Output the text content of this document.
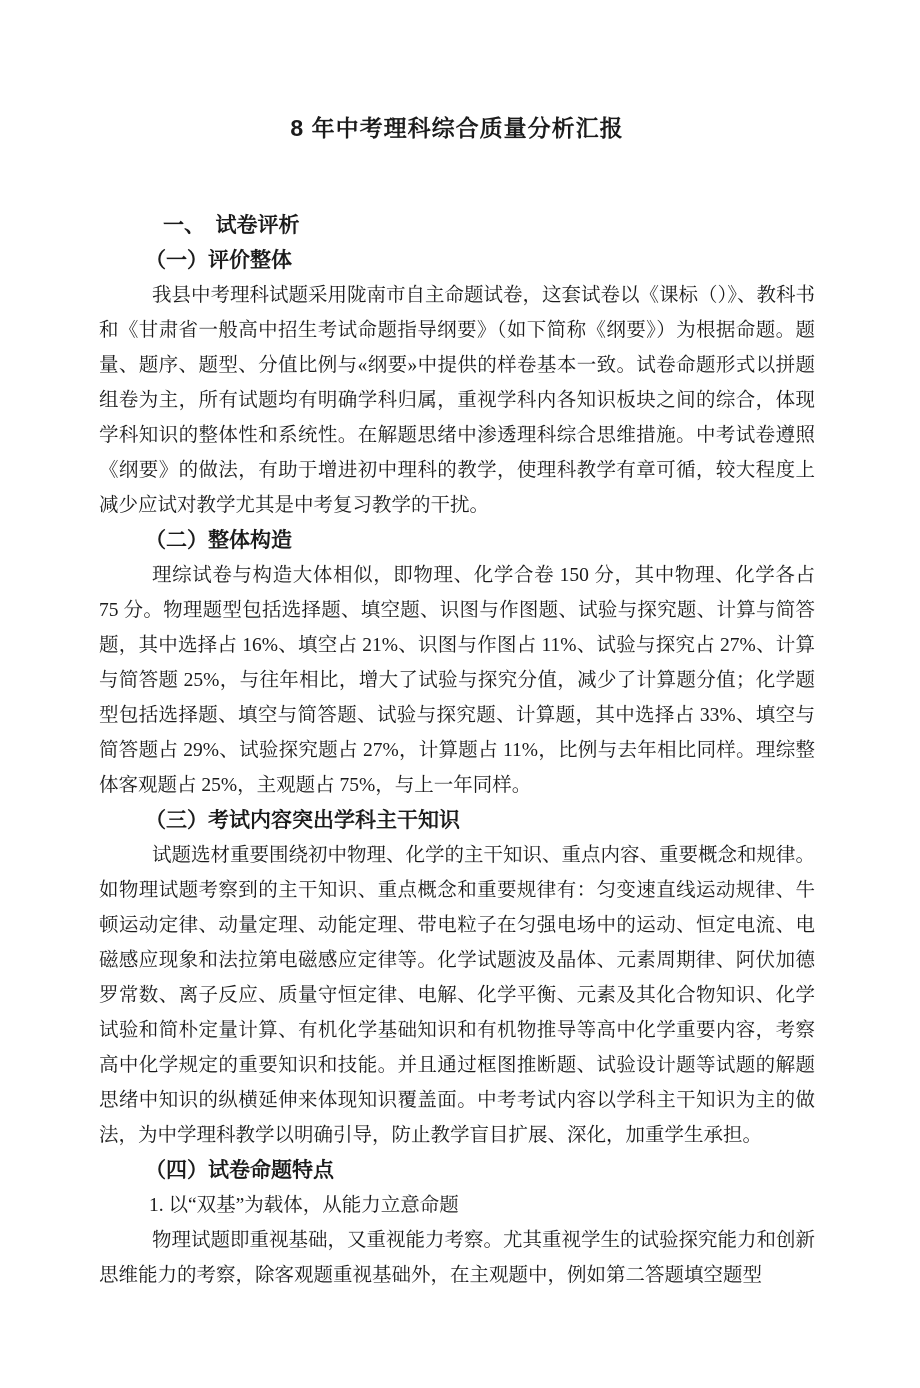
8 年中考理科综合质量分析汇报

一、　试卷评析

（一）评价整体

我县中考理科试题采用陇南市自主命题试卷，这套试卷以《课标（）》、教科书和《甘肃省一般高中招生考试命题指导纲要》（如下简称《纲要》）为根据命题。题量、题序、题型、分值比例与«纲要»中提供的样卷基本一致。试卷命题形式以拼题组卷为主，所有试题均有明确学科归属，重视学科内各知识板块之间的综合，体现学科知识的整体性和系统性。在解题思绪中渗透理科综合思维措施。中考试卷遵照《纲要》的做法，有助于增进初中理科的教学，使理科教学有章可循，较大程度上减少应试对教学尤其是中考复习教学的干扰。

（二）整体构造

理综试卷与构造大体相似，即物理、化学合卷 150 分，其中物理、化学各占 75 分。物理题型包括选择题、填空题、识图与作图题、试验与探究题、计算与简答题，其中选择占 16%、填空占 21%、识图与作图占 11%、试验与探究占 27%、计算与简答题 25%，与往年相比，增大了试验与探究分值，减少了计算题分值；化学题型包括选择题、填空与简答题、试验与探究题、计算题，其中选择占 33%、填空与简答题占 29%、试验探究题占 27%，计算题占 11%，比例与去年相比同样。理综整体客观题占 25%，主观题占 75%，与上一年同样。

（三）考试内容突出学科主干知识

试题选材重要围绕初中物理、化学的主干知识、重点内容、重要概念和规律。如物理试题考察到的主干知识、重点概念和重要规律有：匀变速直线运动规律、牛顿运动定律、动量定理、动能定理、带电粒子在匀强电场中的运动、恒定电流、电磁感应现象和法拉第电磁感应定律等。化学试题波及晶体、元素周期律、阿伏加德罗常数、离子反应、质量守恒定律、电解、化学平衡、元素及其化合物知识、化学试验和简朴定量计算、有机化学基础知识和有机物推导等高中化学重要内容，考察高中化学规定的重要知识和技能。并且通过框图推断题、试验设计题等试题的解题思绪中知识的纵横延伸来体现知识覆盖面。中考考试内容以学科主干知识为主的做法，为中学理科教学以明确引导，防止教学盲目扩展、深化，加重学生承担。

（四）试卷命题特点

1. 以“双基”为载体，从能力立意命题

物理试题即重视基础，又重视能力考察。尤其重视学生的试验探究能力和创新思维能力的考察，除客观题重视基础外，在主观题中，例如第二答题填空题型
